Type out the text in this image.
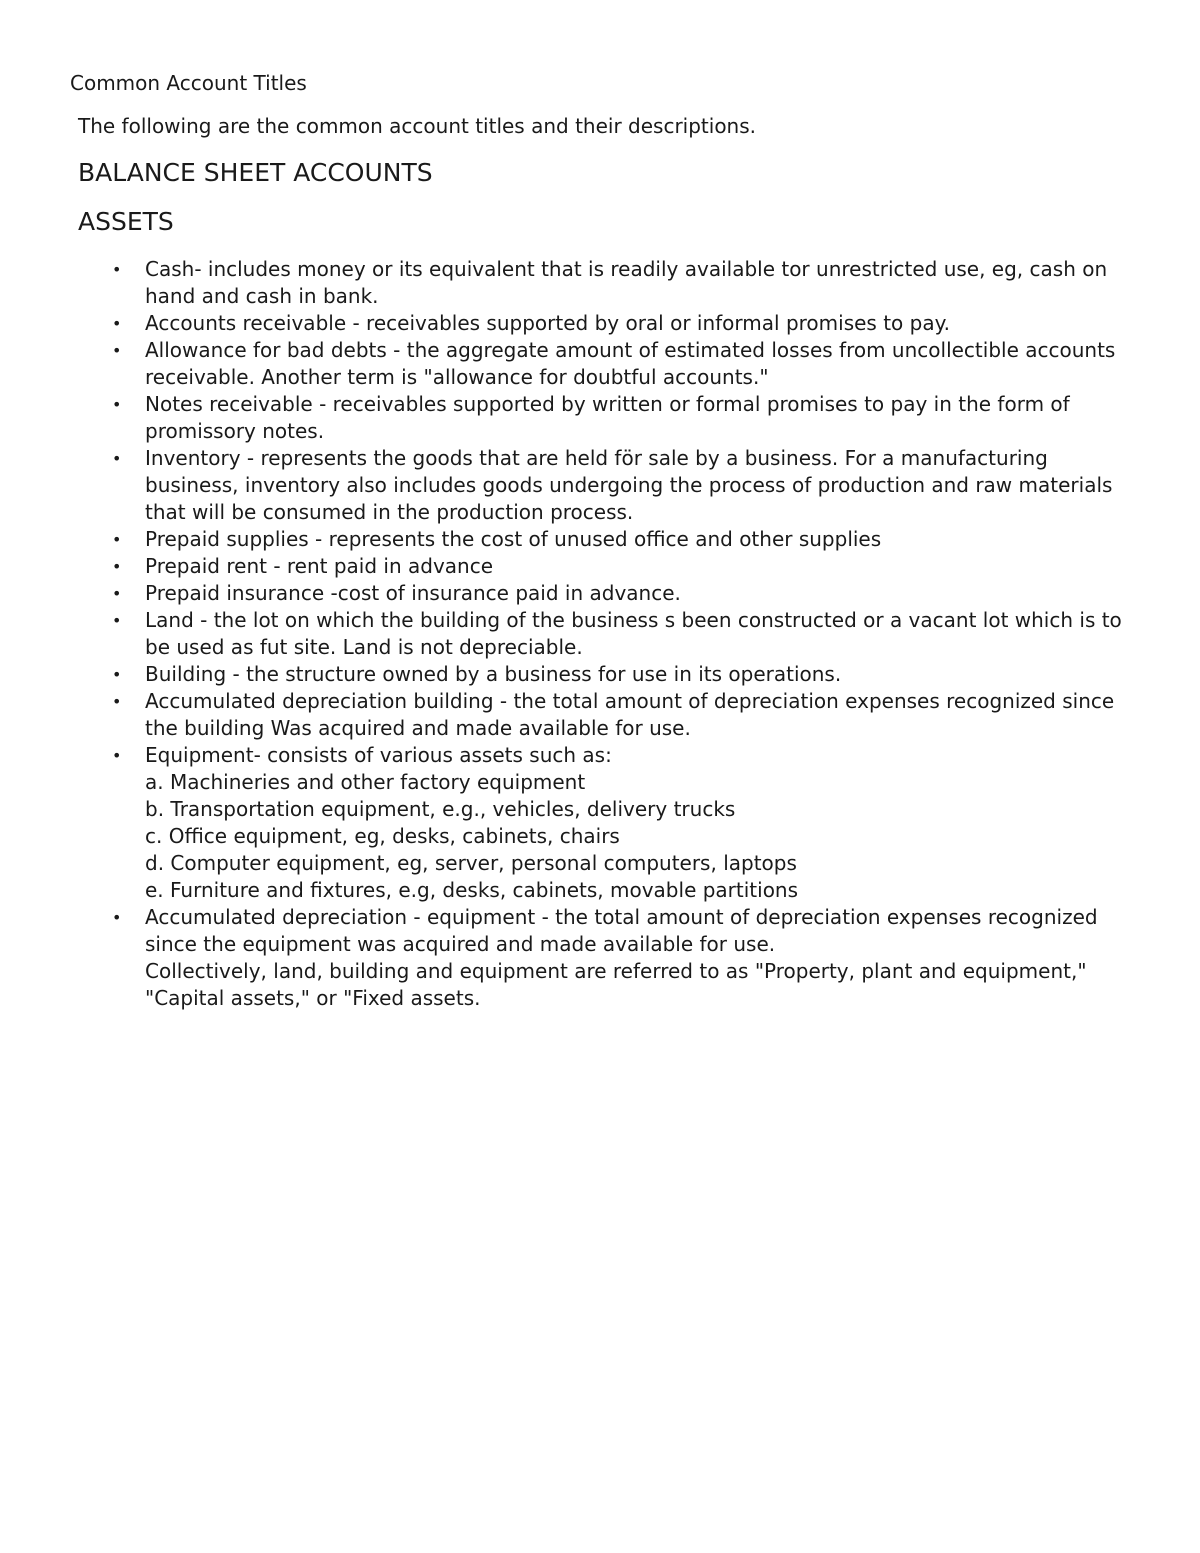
Common Account Titles

The following are the common account titles and their descriptions.

BALANCE SHEET ACCOUNTS
ASSETS
• Cash- includes money or its equivalent that is readily available tor unrestricted use, eg, cash on hand and cash in bank.
• Accounts receivable - receivables supported by oral or informal promises to pay.
• Allowance for bad debts - the aggregate amount of estimated losses from uncollectible accounts receivable. Another term is "allowance for doubtful accounts."
• Notes receivable - receivables supported by written or formal promises to pay in the form of promissory notes.
• Inventory - represents the goods that are held för sale by a business. For a manufacturing business, inventory also includes goods undergoing the process of production and raw materials that will be consumed in the production process.
• Prepaid supplies - represents the cost of unused office and other supplies
• Prepaid rent - rent paid in advance
• Prepaid insurance -cost of insurance paid in advance.
• Land - the lot on which the building of the business s been constructed or a vacant lot which is to be used as fut site. Land is not depreciable.
• Building - the structure owned by a business for use in its operations.
• Accumulated depreciation building - the total amount of depreciation expenses recognized since the building Was acquired and made available for use.
• Equipment- consists of various assets such as:
a. Machineries and other factory equipment
b. Transportation equipment, e.g., vehicles, delivery trucks
c. Office equipment, eg, desks, cabinets, chairs
d. Computer equipment, eg, server, personal computers, laptops
e. Furniture and fixtures, e.g, desks, cabinets, movable partitions
• Accumulated depreciation - equipment - the total amount of depreciation expenses recognized since the equipment was acquired and made available for use.
Collectively, land, building and equipment are referred to as "Property, plant and equipment," "Capital assets," or "Fixed assets.
